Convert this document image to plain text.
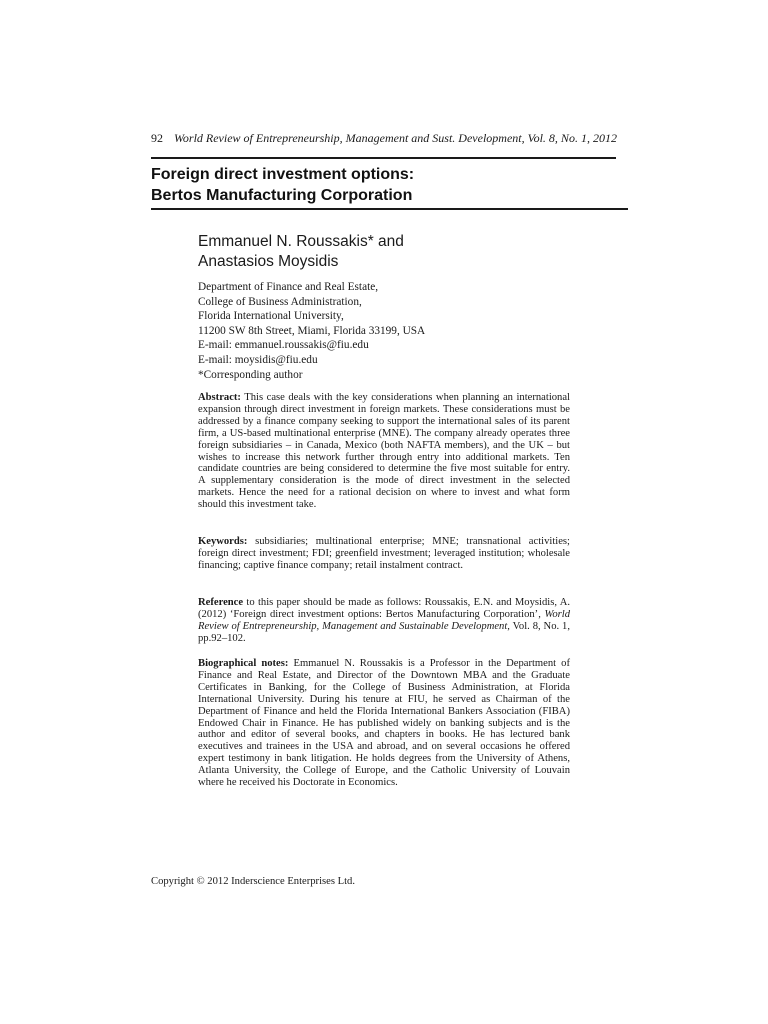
92 World Review of Entrepreneurship, Management and Sust. Development, Vol. 8, No. 1, 2012
Foreign direct investment options:
Bertos Manufacturing Corporation
Emmanuel N. Roussakis* and
Anastasios Moysidis
Department of Finance and Real Estate,
College of Business Administration,
Florida International University,
11200 SW 8th Street, Miami, Florida 33199, USA
E-mail: emmanuel.roussakis@fiu.edu
E-mail: moysidis@fiu.edu
*Corresponding author
Abstract: This case deals with the key considerations when planning an international expansion through direct investment in foreign markets. These considerations must be addressed by a finance company seeking to support the international sales of its parent firm, a US-based multinational enterprise (MNE). The company already operates three foreign subsidiaries – in Canada, Mexico (both NAFTA members), and the UK – but wishes to increase this network further through entry into additional markets. Ten candidate countries are being considered to determine the five most suitable for entry. A supplementary consideration is the mode of direct investment in the selected markets. Hence the need for a rational decision on where to invest and what form should this investment take.
Keywords: subsidiaries; multinational enterprise; MNE; transnational activities; foreign direct investment; FDI; greenfield investment; leveraged institution; wholesale financing; captive finance company; retail instalment contract.
Reference to this paper should be made as follows: Roussakis, E.N. and Moysidis, A. (2012) ‘Foreign direct investment options: Bertos Manufacturing Corporation’, World Review of Entrepreneurship, Management and Sustainable Development, Vol. 8, No. 1, pp.92–102.
Biographical notes: Emmanuel N. Roussakis is a Professor in the Department of Finance and Real Estate, and Director of the Downtown MBA and the Graduate Certificates in Banking, for the College of Business Administration, at Florida International University. During his tenure at FIU, he served as Chairman of the Department of Finance and held the Florida International Bankers Association (FIBA) Endowed Chair in Finance. He has published widely on banking subjects and is the author and editor of several books, and chapters in books. He has lectured bank executives and trainees in the USA and abroad, and on several occasions he offered expert testimony in bank litigation. He holds degrees from the University of Athens, Atlanta University, the College of Europe, and the Catholic University of Louvain where he received his Doctorate in Economics.
Copyright © 2012 Inderscience Enterprises Ltd.
